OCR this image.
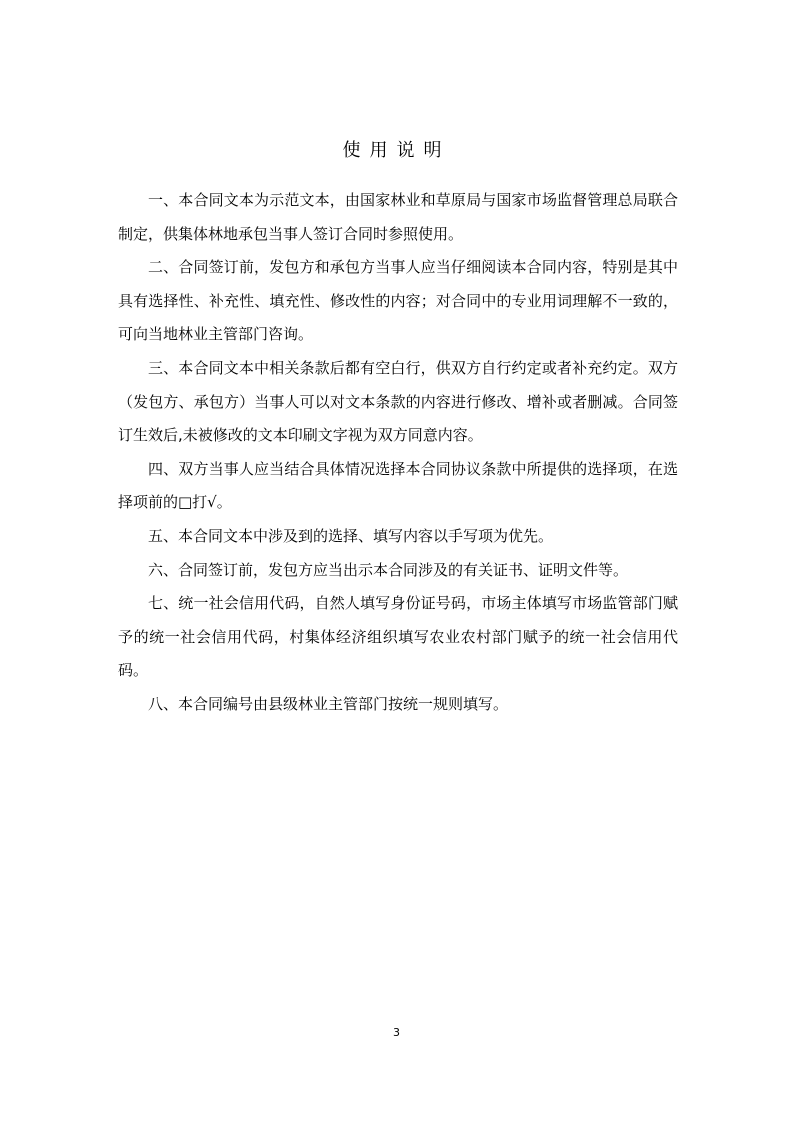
使用说明

一、本合同文本为示范文本，由国家林业和草原局与国家市场监督管理总局联合制定，供集体林地承包当事人签订合同时参照使用。

二、合同签订前，发包方和承包方当事人应当仔细阅读本合同内容，特别是其中具有选择性、补充性、填充性、修改性的内容；对合同中的专业用词理解不一致的，可向当地林业主管部门咨询。

三、本合同文本中相关条款后都有空白行，供双方自行约定或者补充约定。双方（发包方、承包方）当事人可以对文本条款的内容进行修改、增补或者删减。合同签订生效后,未被修改的文本印刷文字视为双方同意内容。

四、双方当事人应当结合具体情况选择本合同协议条款中所提供的选择项，在选择项前的□打√。

五、本合同文本中涉及到的选择、填写内容以手写项为优先。

六、合同签订前，发包方应当出示本合同涉及的有关证书、证明文件等。

七、统一社会信用代码，自然人填写身份证号码，市场主体填写市场监管部门赋予的统一社会信用代码，村集体经济组织填写农业农村部门赋予的统一社会信用代码。

八、本合同编号由县级林业主管部门按统一规则填写。

3
